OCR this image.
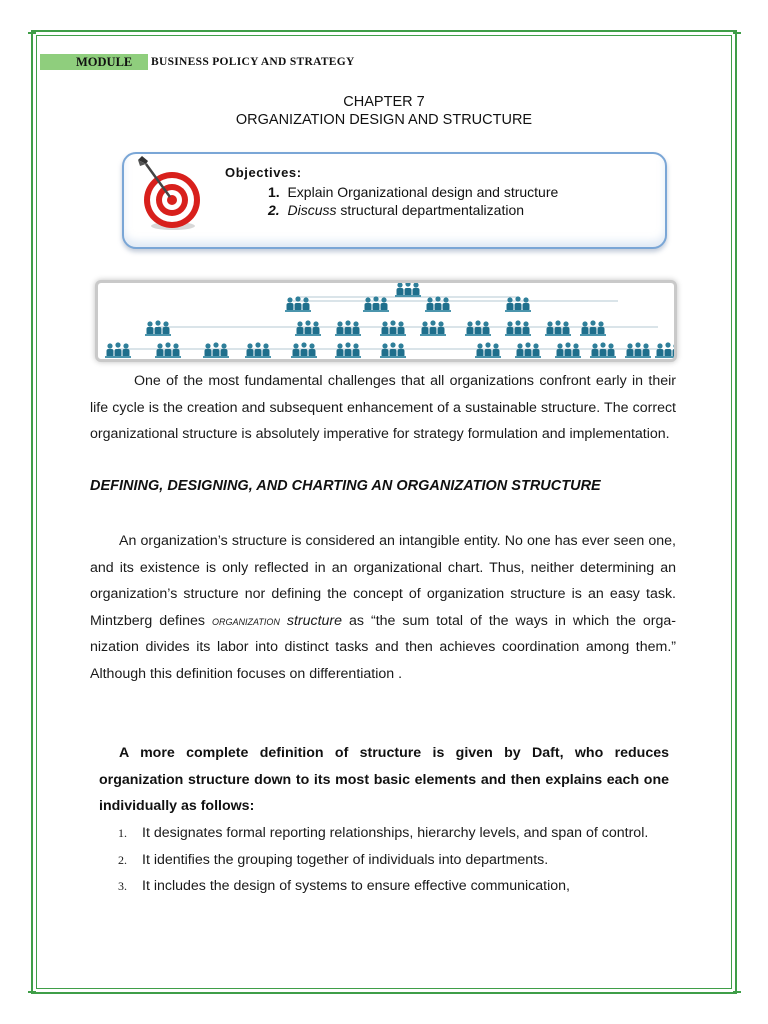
MODULE	BUSINESS POLICY AND STRATEGY
CHAPTER 7
ORGANIZATION DESIGN AND STRUCTURE
Objectives:
1. Explain Organizational design and structure
2. Discuss structural departmentalization

One of the most fundamental challenges that all organizations confront early in their life cycle is the creation and subsequent enhancement of a sustainable structure. The correct organizational structure is absolutely imperative for strategy formulation and implementation.

DEFINING, DESIGNING, AND CHARTING AN ORGANIZATION STRUCTURE

An organization’s structure is considered an intangible entity. No one has ever seen one, and its existence is only reflected in an organizational chart. Thus, neither determining an organization’s structure nor defining the concept of organization structure is an easy task. Mintzberg defines organization structure as “the sum total of the ways in which the orga- nization divides its labor into distinct tasks and then achieves coordination among them.” Although this definition focuses on differentiation .

A more complete definition of structure is given by Daft, who reduces organization structure down to its most basic elements and then explains each one individually as follows:

1.	It designates formal reporting relationships, hierarchy levels, and span of control.
2.	It identifies the grouping together of individuals into departments.
3.	It includes the design of systems to ensure effective communication,
